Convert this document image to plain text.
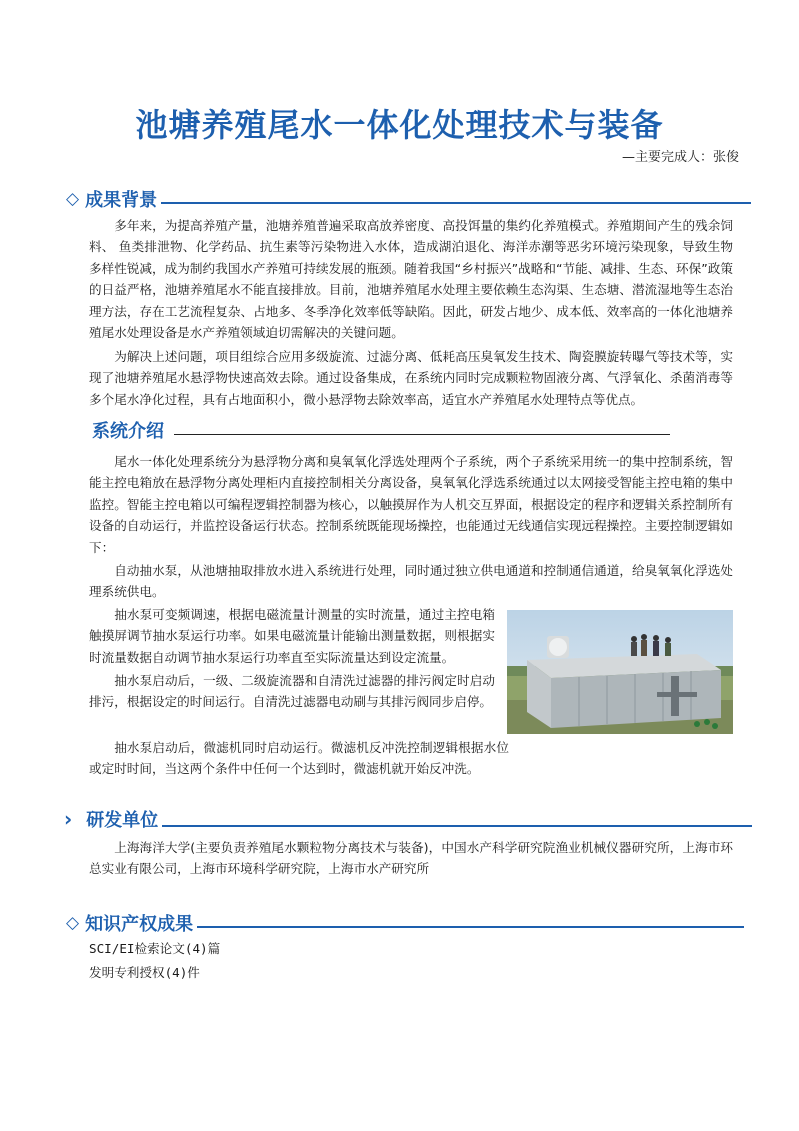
池塘养殖尾水一体化处理技术与装备
—主要完成人：张俊
◇ 成果背景

多年来，为提高养殖产量，池塘养殖普遍采取高放养密度、高投饵量的集约化养殖模式。养殖期间产生的残余饲料、 鱼类排泄物、化学药品、抗生素等污染物进入水体，造成湖泊退化、海洋赤潮等恶劣环境污染现象，导致生物多样性锐减，成为制约我国水产养殖可持续发展的瓶颈。随着我国“乡村振兴”战略和“节能、减排、生态、环保”政策的日益严格，池塘养殖尾水不能直接排放。目前，池塘养殖尾水处理主要依赖生态沟渠、生态塘、潜流湿地等生态治理方法，存在工艺流程复杂、占地多、冬季净化效率低等缺陷。因此，研发占地少、成本低、效率高的一体化池塘养殖尾水处理设备是水产养殖领域迫切需解决的关键问题。

为解决上述问题，项目组综合应用多级旋流、过滤分离、低耗高压臭氧发生技术、陶瓷膜旋转曝气等技术等，实现了池塘养殖尾水悬浮物快速高效去除。通过设备集成，在系统内同时完成颗粒物固液分离、气浮氧化、杀菌消毒等多个尾水净化过程，具有占地面积小，微小悬浮物去除效率高，适宜水产养殖尾水处理特点等优点。

系统介绍

尾水一体化处理系统分为悬浮物分离和臭氧氧化浮选处理两个子系统，两个子系统采用统一的集中控制系统，智能主控电箱放在悬浮物分离处理柜内直接控制相关分离设备，臭氧氧化浮选系统通过以太网接受智能主控电箱的集中监控。智能主控电箱以可编程逻辑控制器为核心，以触摸屏作为人机交互界面，根据设定的程序和逻辑关系控制所有设备的自动运行，并监控设备运行状态。控制系统既能现场操控，也能通过无线通信实现远程操控。主要控制逻辑如下：

自动抽水泵，从池塘抽取排放水进入系统进行处理，同时通过独立供电通道和控制通信通道，给臭氧氧化浮选处理系统供电。

抽水泵可变频调速，根据电磁流量计测量的实时流量，通过主控电箱触摸屏调节抽水泵运行功率。如果电磁流量计能输出测量数据，则根据实时流量数据自动调节抽水泵运行功率直至实际流量达到设定流量。

抽水泵启动后，一级、二级旋流器和自清洗过滤器的排污阀定时启动排污，根据设定的时间运行。自清洗过滤器电动刷与其排污阀同步启停。

抽水泵启动后，微滤机同时启动运行。微滤机反冲洗控制逻辑根据水位或定时时间，当这两个条件中任何一个达到时，微滤机就开始反冲洗。

› 研发单位

上海海洋大学(主要负责养殖尾水颗粒物分离技术与装备)，中国水产科学研究院渔业机械仪器研究所，上海市环总实业有限公司，上海市环境科学研究院，上海市水产研究所

◇ 知识产权成果

SCI/EI检索论文(4)篇

发明专利授权(4)件
